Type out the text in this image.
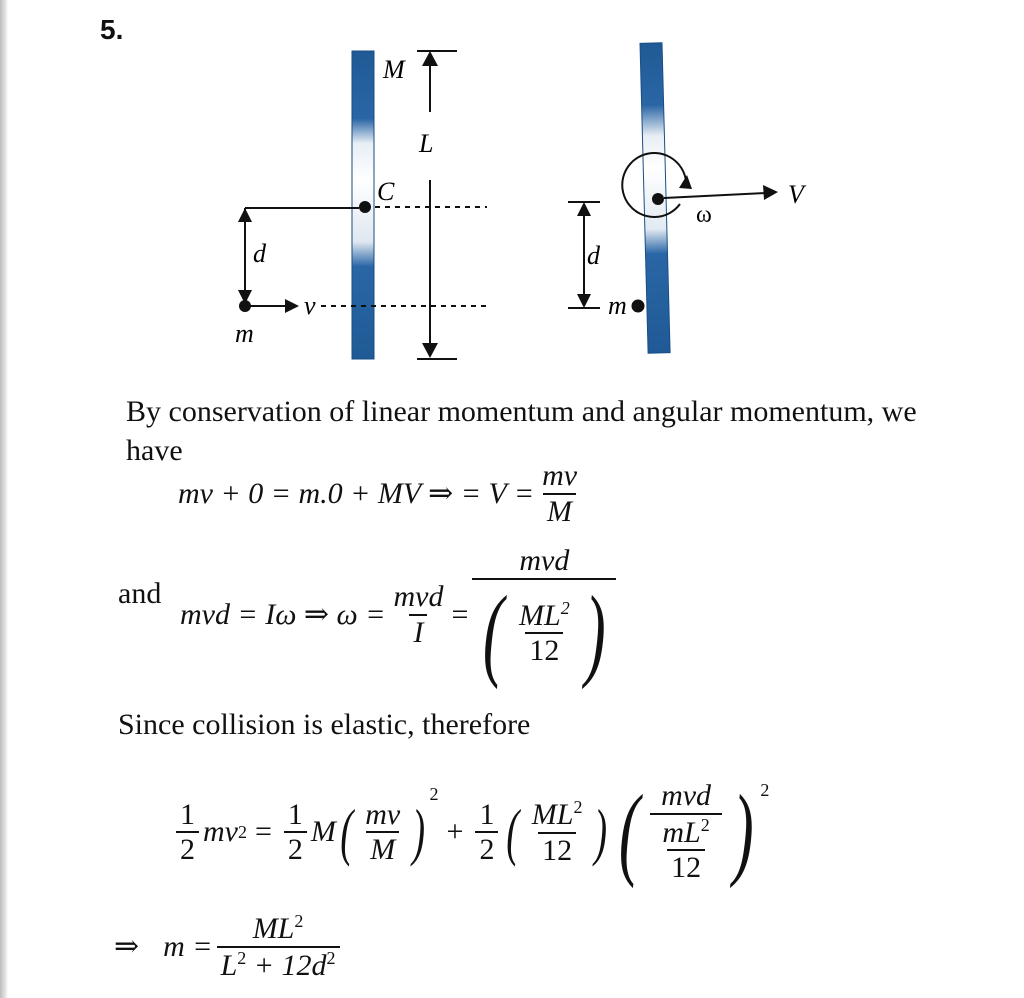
5.
M
L
C
d
v
m
V
ω
d
m
By conservation of linear momentum and angular momentum, we
have
mv + 0 = m.0 + MV ⇒ = $V = \frac{mv}{M}$
and
mvd = Iω ⇒ $\omega = \frac{\text{mvd}}{I} = \frac{\text{mvd}}{( \frac{ML^2}{12} )}$
Since collision is elastic, therefore
$\frac{1}{2}$ mv $2 = \frac{1}{2}$ M ( $\frac{mv}{M}$ )
$^2$
+ $\frac{1}{2}$ ( $\frac{ML^2}{12}$ ) ( $\frac{\text{mvd}}{\frac{mL^2}{12}}$ ) $^2$
⇒ $m = \frac{ML^2}{L^2 + 12d^2}$
